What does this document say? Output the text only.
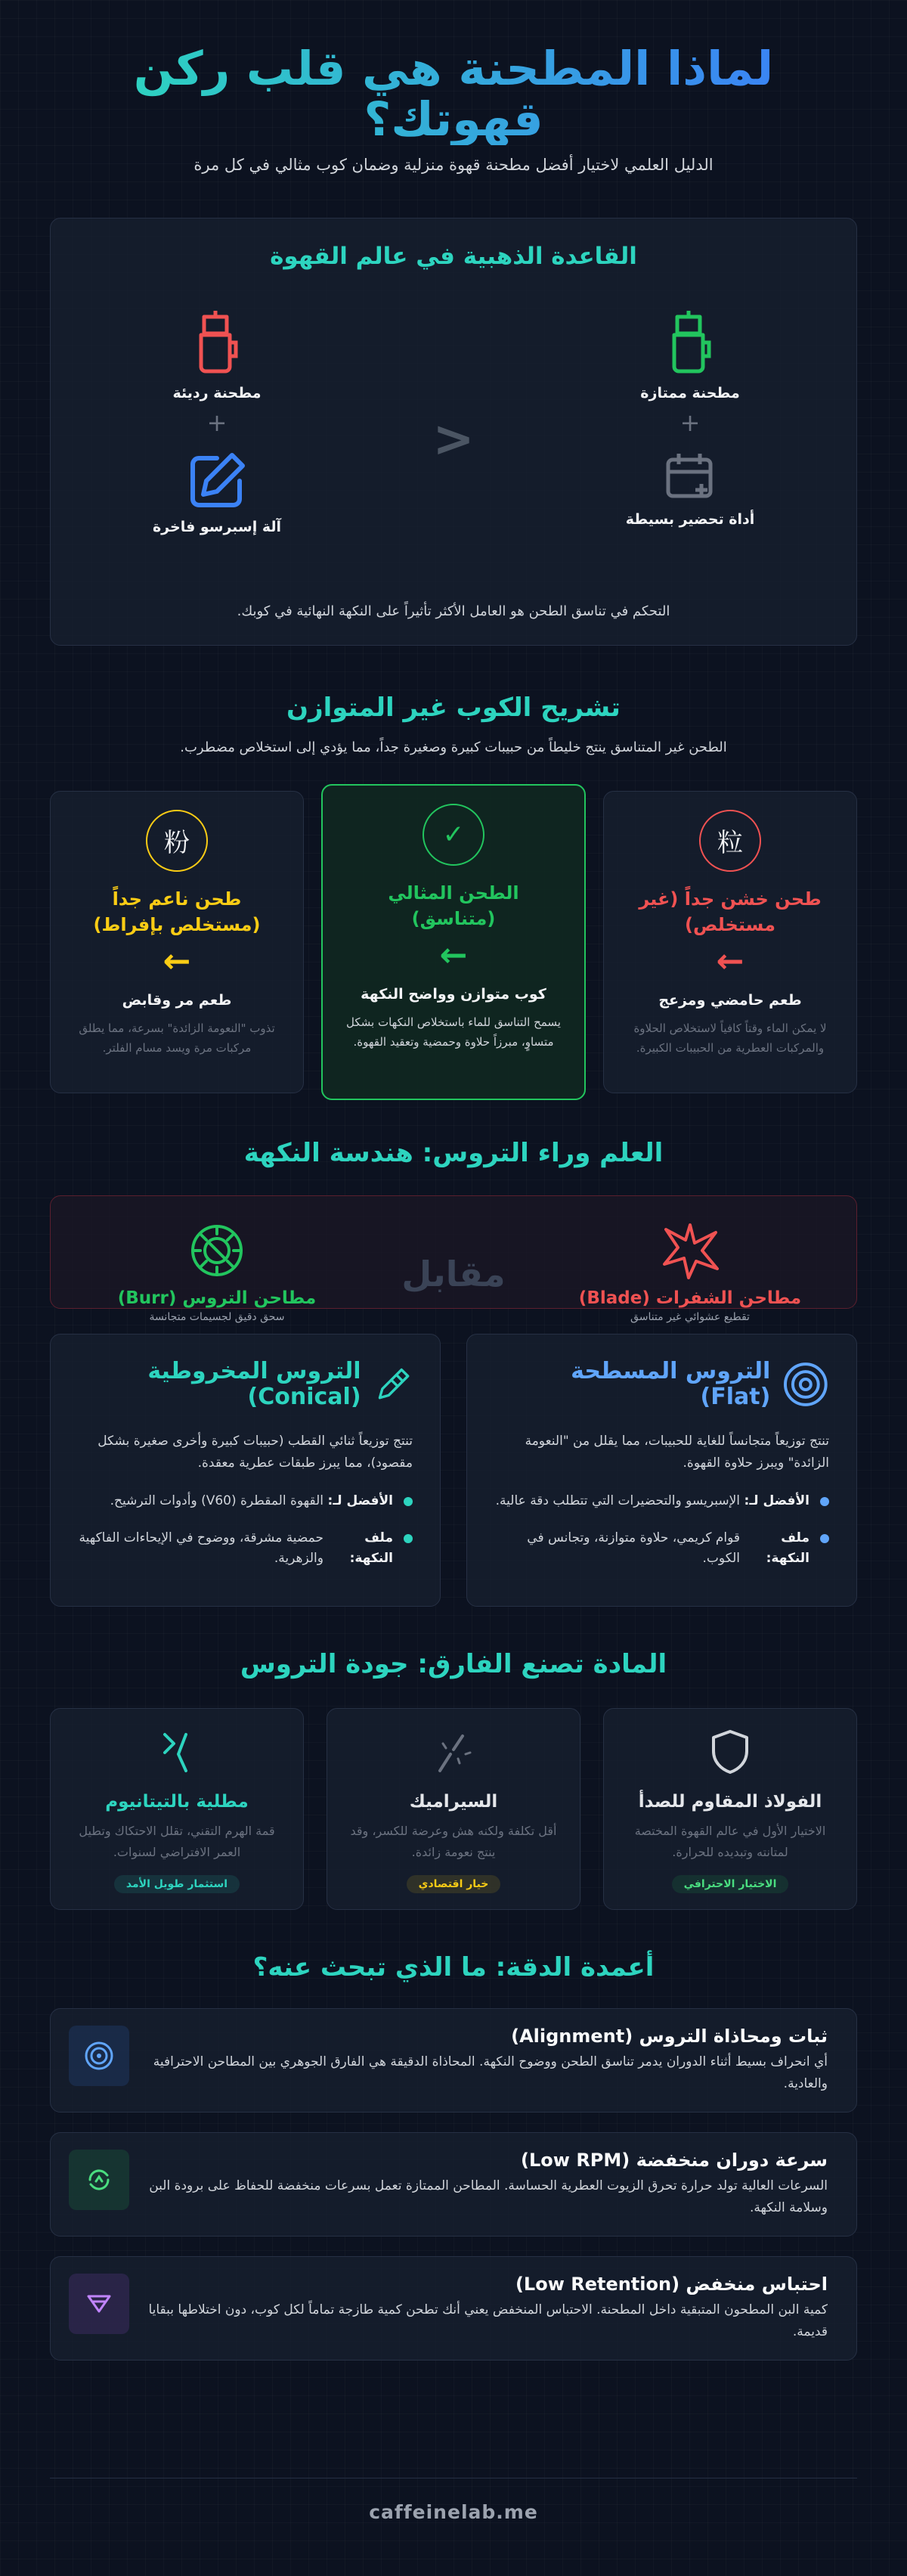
لماذا المطحنة هي قلب ركن قهوتك؟

الدليل العلمي لاختيار أفضل مطحنة قهوة منزلية وضمان كوب مثالي في كل مرة

القاعدة الذهبية في عالم القهوة
مطحنة ممتازة
+
أداة تحضير بسيطة
<
مطحنة رديئة
+
آلة إسبرسو فاخرة
التحكم في تناسق الطحن هو العامل الأكثر تأثيراً على النكهة النهائية في كوبك.
تشريح الكوب غير المتوازن

الطحن غير المتناسق ينتج خليطاً من حبيبات كبيرة وصغيرة جداً، مما يؤدي إلى استخلاص مضطرب.

粒
طحن خشن جداً (غير مستخلص)
←
طعم حامضي ومزعج
لا يمكن الماء وقتاً كافياً لاستخلاص الحلاوة والمركبات العطرية من الحبيبات الكبيرة.
✓
الطحن المثالي (متناسق)
←
كوب متوازن وواضح النكهة
يسمح التناسق للماء باستخلاص النكهات بشكل متساوٍ، مبرزاً حلاوة وحمضية وتعقيد القهوة.
粉
طحن ناعم جداً (مستخلص بإفراط)
←
طعم مر وقابض
تذوب "النعومة الزائدة" بسرعة، مما يطلق مركبات مرة ويسد مسام الفلتر.
العلم وراء التروس: هندسة النكهة
مطاحن الشفرات (Blade)
تقطيع عشوائي غير متناسق
مقابل
مطاحن التروس (Burr)
سحق دقيق لجسيمات متجانسة
التروس المسطحة (Flat)
تنتج توزيعاً متجانساً للغاية للحبيبات، مما يقلل من "النعومة الزائدة" ويبرز حلاوة القهوة.
الأفضل لـ:
الإسبريسو والتحضيرات التي تتطلب دقة عالية.
ملف النكهة:
قوام كريمي، حلاوة متوازنة، وتجانس في الكوب.
التروس المخروطية (Conical)
تنتج توزيعاً ثنائي القطب (حبيبات كبيرة وأخرى صغيرة بشكل مقصود)، مما يبرز طبقات عطرية معقدة.
الأفضل لـ:
القهوة المقطرة (V60) وأدوات الترشيح.
ملف النكهة:
حمضية مشرقة، ووضوح في الإيحاءات الفاكهية والزهرية.
المادة تصنع الفارق: جودة التروس
الفولاذ المقاوم للصدأ
الاختيار الأول في عالم القهوة المختصة لمتانته وتبديده للحرارة.
الاختيار الاحترافي
السيراميك
أقل تكلفة ولكنه هش وعرضة للكسر، وقد ينتج نعومة زائدة.
خيار اقتصادي
مطلية بالتيتانيوم
قمة الهرم التقني، تقلل الاحتكاك وتطيل العمر الافتراضي لسنوات.
استثمار طويل الأمد
أعمدة الدقة: ما الذي تبحث عنه؟
ثبات ومحاذاة التروس (Alignment)
أي انحراف بسيط أثناء الدوران يدمر تناسق الطحن ووضوح النكهة. المحاذاة الدقيقة هي الفارق الجوهري بين المطاحن الاحترافية والعادية.
سرعة دوران منخفضة (Low RPM)
السرعات العالية تولد حرارة تحرق الزيوت العطرية الحساسة. المطاحن الممتازة تعمل بسرعات منخفضة للحفاظ على برودة البن وسلامة النكهة.
احتباس منخفض (Low Retention)
كمية البن المطحون المتبقية داخل المطحنة. الاحتباس المنخفض يعني أنك تطحن كمية طازجة تماماً لكل كوب، دون اختلاطها ببقايا قديمة.
caffeinelab.me
